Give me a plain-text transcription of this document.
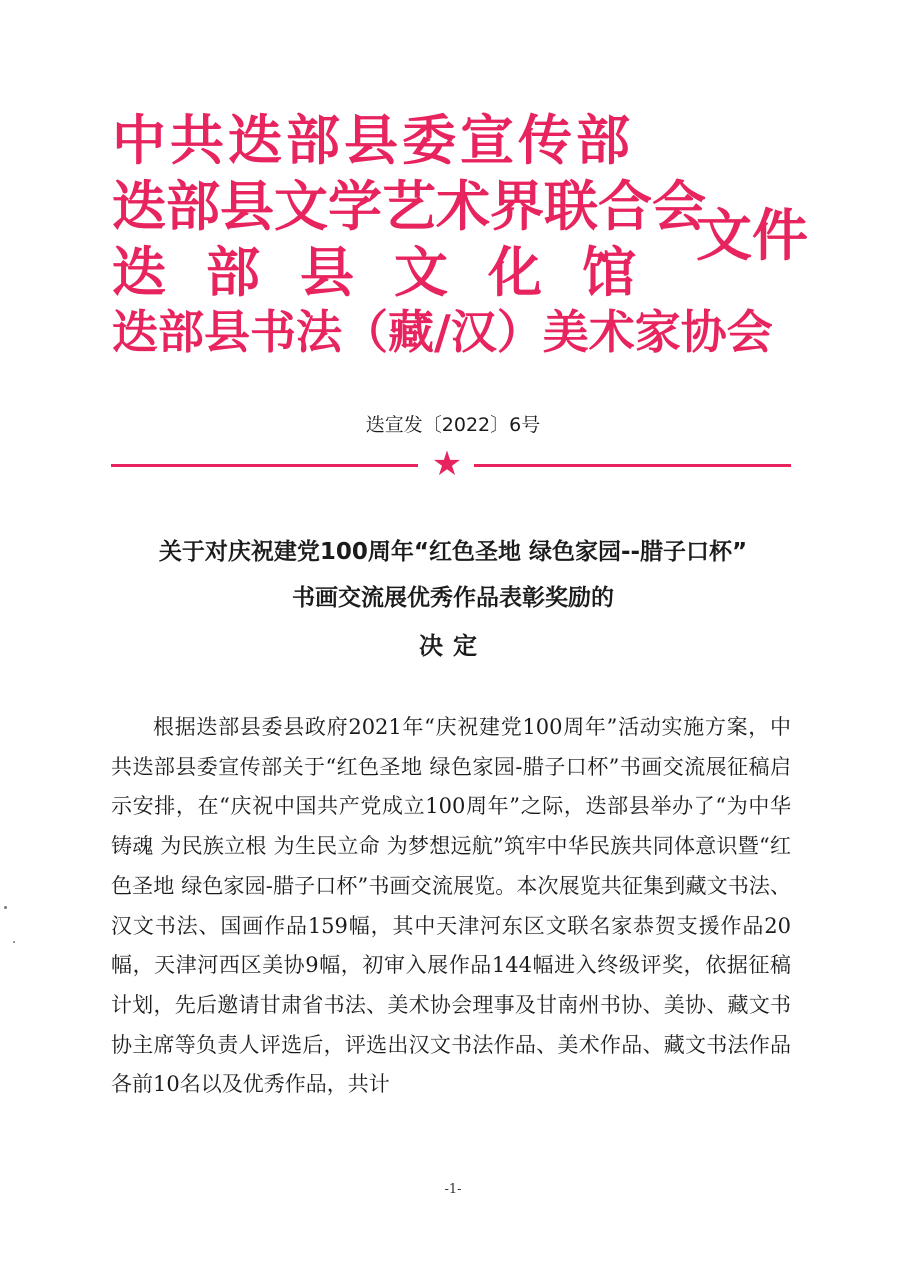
中共迭部县委宣传部
迭部县文学艺术界联合会
迭部县文化馆
迭部县书法（藏/汉）美术家协会
文件
迭宣发〔2022〕6号
★
关于对庆祝建党100周年“红色圣地 绿色家园--腊子口杯”
书画交流展优秀作品表彰奖励的
决定
根据迭部县委县政府2021年“庆祝建党100周年”活动实施方案，中共迭部县委宣传部关于“红色圣地 绿色家园-腊子口杯”书画交流展征稿启示安排，在“庆祝中国共产党成立100周年”之际，迭部县举办了“为中华铸魂 为民族立根 为生民立命 为梦想远航”筑牢中华民族共同体意识暨“红色圣地 绿色家园-腊子口杯”书画交流展览。本次展览共征集到藏文书法、汉文书法、国画作品159幅，其中天津河东区文联名家恭贺支援作品20幅，天津河西区美协9幅，初审入展作品144幅进入终级评奖，依据征稿计划，先后邀请甘肃省书法、美术协会理事及甘南州书协、美协、藏文书协主席等负责人评选后，评选出汉文书法作品、美术作品、藏文书法作品各前10名以及优秀作品，共计
-1-
